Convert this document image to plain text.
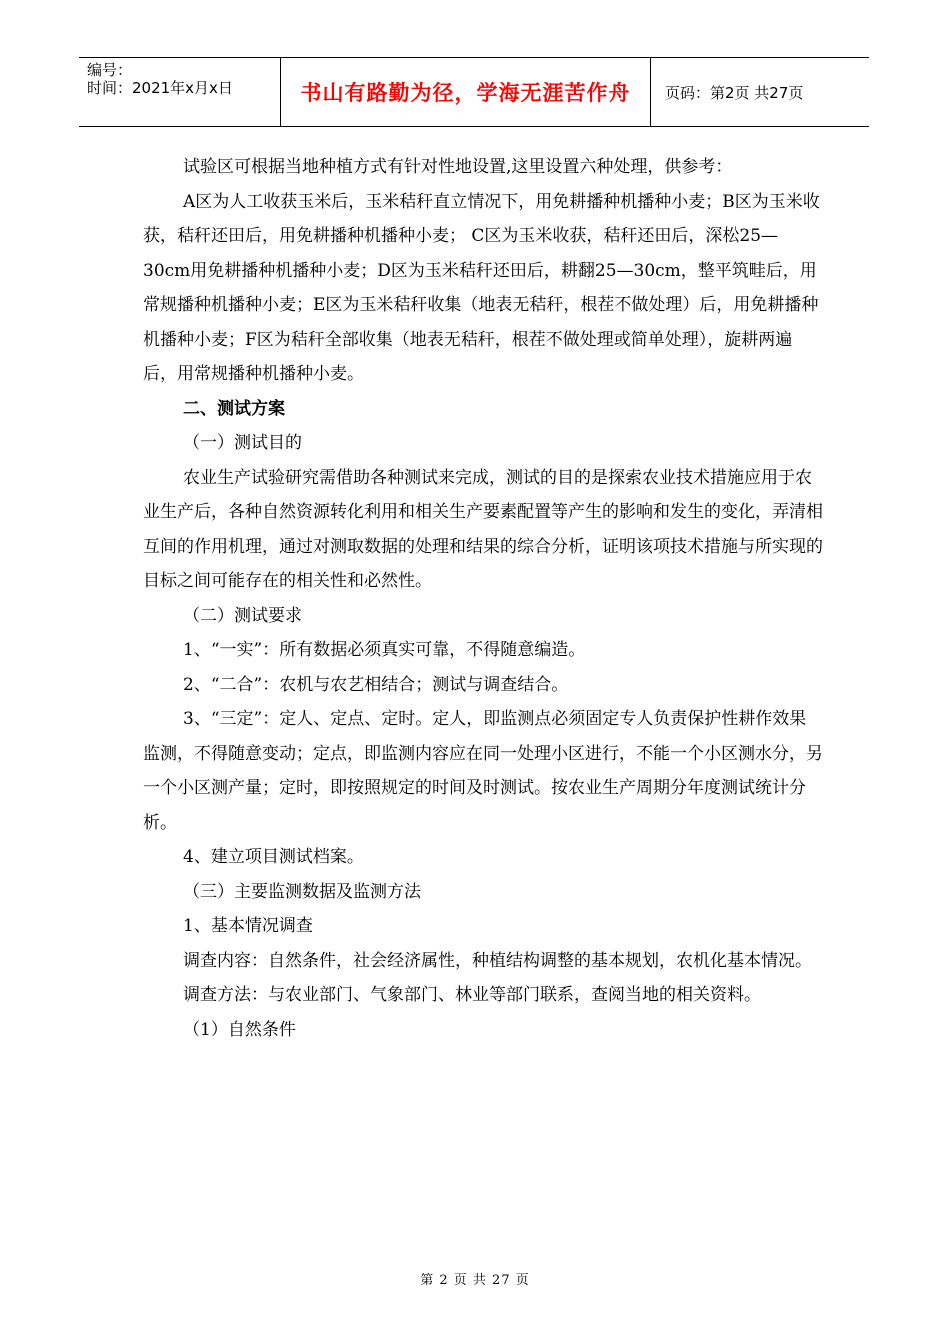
编号：
时间：2021年x月x日	书山有路勤为径，学海无涯苦作舟	页码：第2页 共27页

试验区可根据当地种植方式有针对性地设置,这里设置六种处理，供参考：

A区为人工收获玉米后，玉米秸秆直立情况下，用免耕播种机播种小麦；B区为玉米收获，秸秆还田后，用免耕播种机播种小麦； C区为玉米收获，秸秆还田后，深松25—30cm用免耕播种机播种小麦；D区为玉米秸秆还田后，耕翻25—30cm，整平筑畦后，用常规播种机播种小麦；E区为玉米秸秆收集（地表无秸秆，根茬不做处理）后，用免耕播种机播种小麦；F区为秸秆全部收集（地表无秸秆，根茬不做处理或简单处理），旋耕两遍后，用常规播种机播种小麦。

二、测试方案

（一）测试目的

农业生产试验研究需借助各种测试来完成，测试的目的是探索农业技术措施应用于农业生产后，各种自然资源转化利用和相关生产要素配置等产生的影响和发生的变化，弄清相互间的作用机理，通过对测取数据的处理和结果的综合分析，证明该项技术措施与所实现的目标之间可能存在的相关性和必然性。

（二）测试要求

1、“一实”：所有数据必须真实可靠，不得随意编造。

2、“二合”：农机与农艺相结合；测试与调查结合。

3、“三定”：定人、定点、定时。定人，即监测点必须固定专人负责保护性耕作效果监测，不得随意变动；定点，即监测内容应在同一处理小区进行，不能一个小区测水分，另一个小区测产量；定时，即按照规定的时间及时测试。按农业生产周期分年度测试统计分析。

4、建立项目测试档案。

（三）主要监测数据及监测方法

1、基本情况调查

调查内容：自然条件，社会经济属性，种植结构调整的基本规划，农机化基本情况。

调查方法：与农业部门、气象部门、林业等部门联系，查阅当地的相关资料。

（1）自然条件

第 2 页 共 27 页
